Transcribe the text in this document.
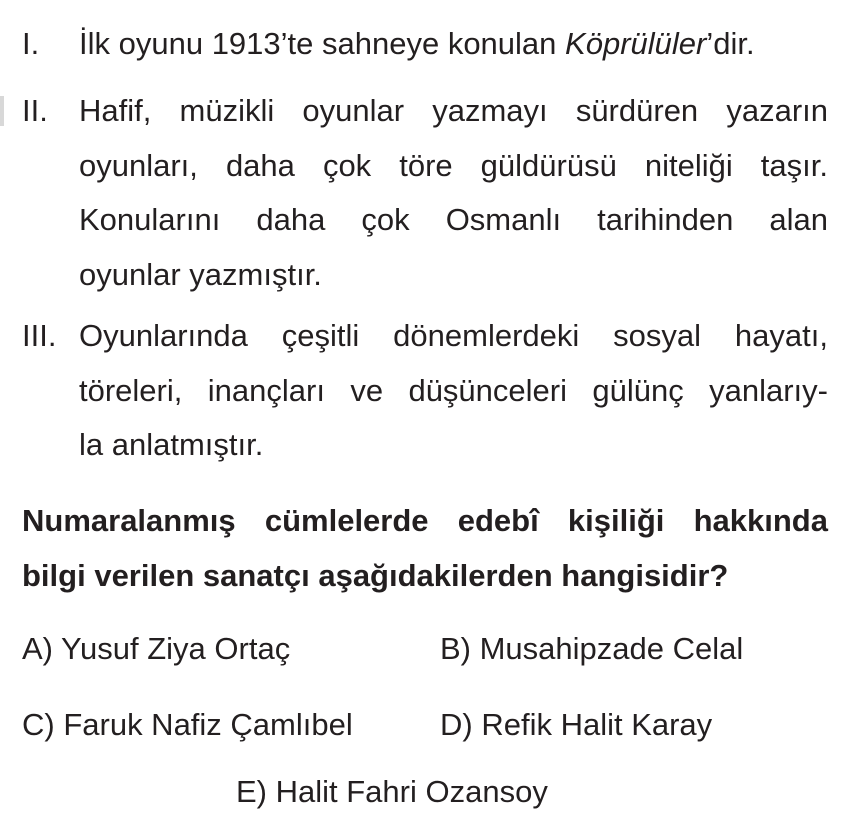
I. İlk oyunu 1913’te sahneye konulan Köprülüler’dir.
II. Hafif, müzikli oyunlar yazmayı sürdüren yazarın
oyunları, daha çok töre güldürüsü niteliği taşır.
Konularını daha çok Osmanlı tarihinden alan
oyunlar yazmıştır.
III. Oyunlarında çeşitli dönemlerdeki sosyal hayatı,
töreleri, inançları ve düşünceleri gülünç yanlarıy-
la anlatmıştır.
Numaralanmış cümlelerde edebî kişiliği hakkında
bilgi verilen sanatçı aşağıdakilerden hangisidir?
A) Yusuf Ziya Ortaç	B) Musahipzade Celal
C) Faruk Nafiz Çamlıbel	D) Refik Halit Karay
E) Halit Fahri Ozansoy
